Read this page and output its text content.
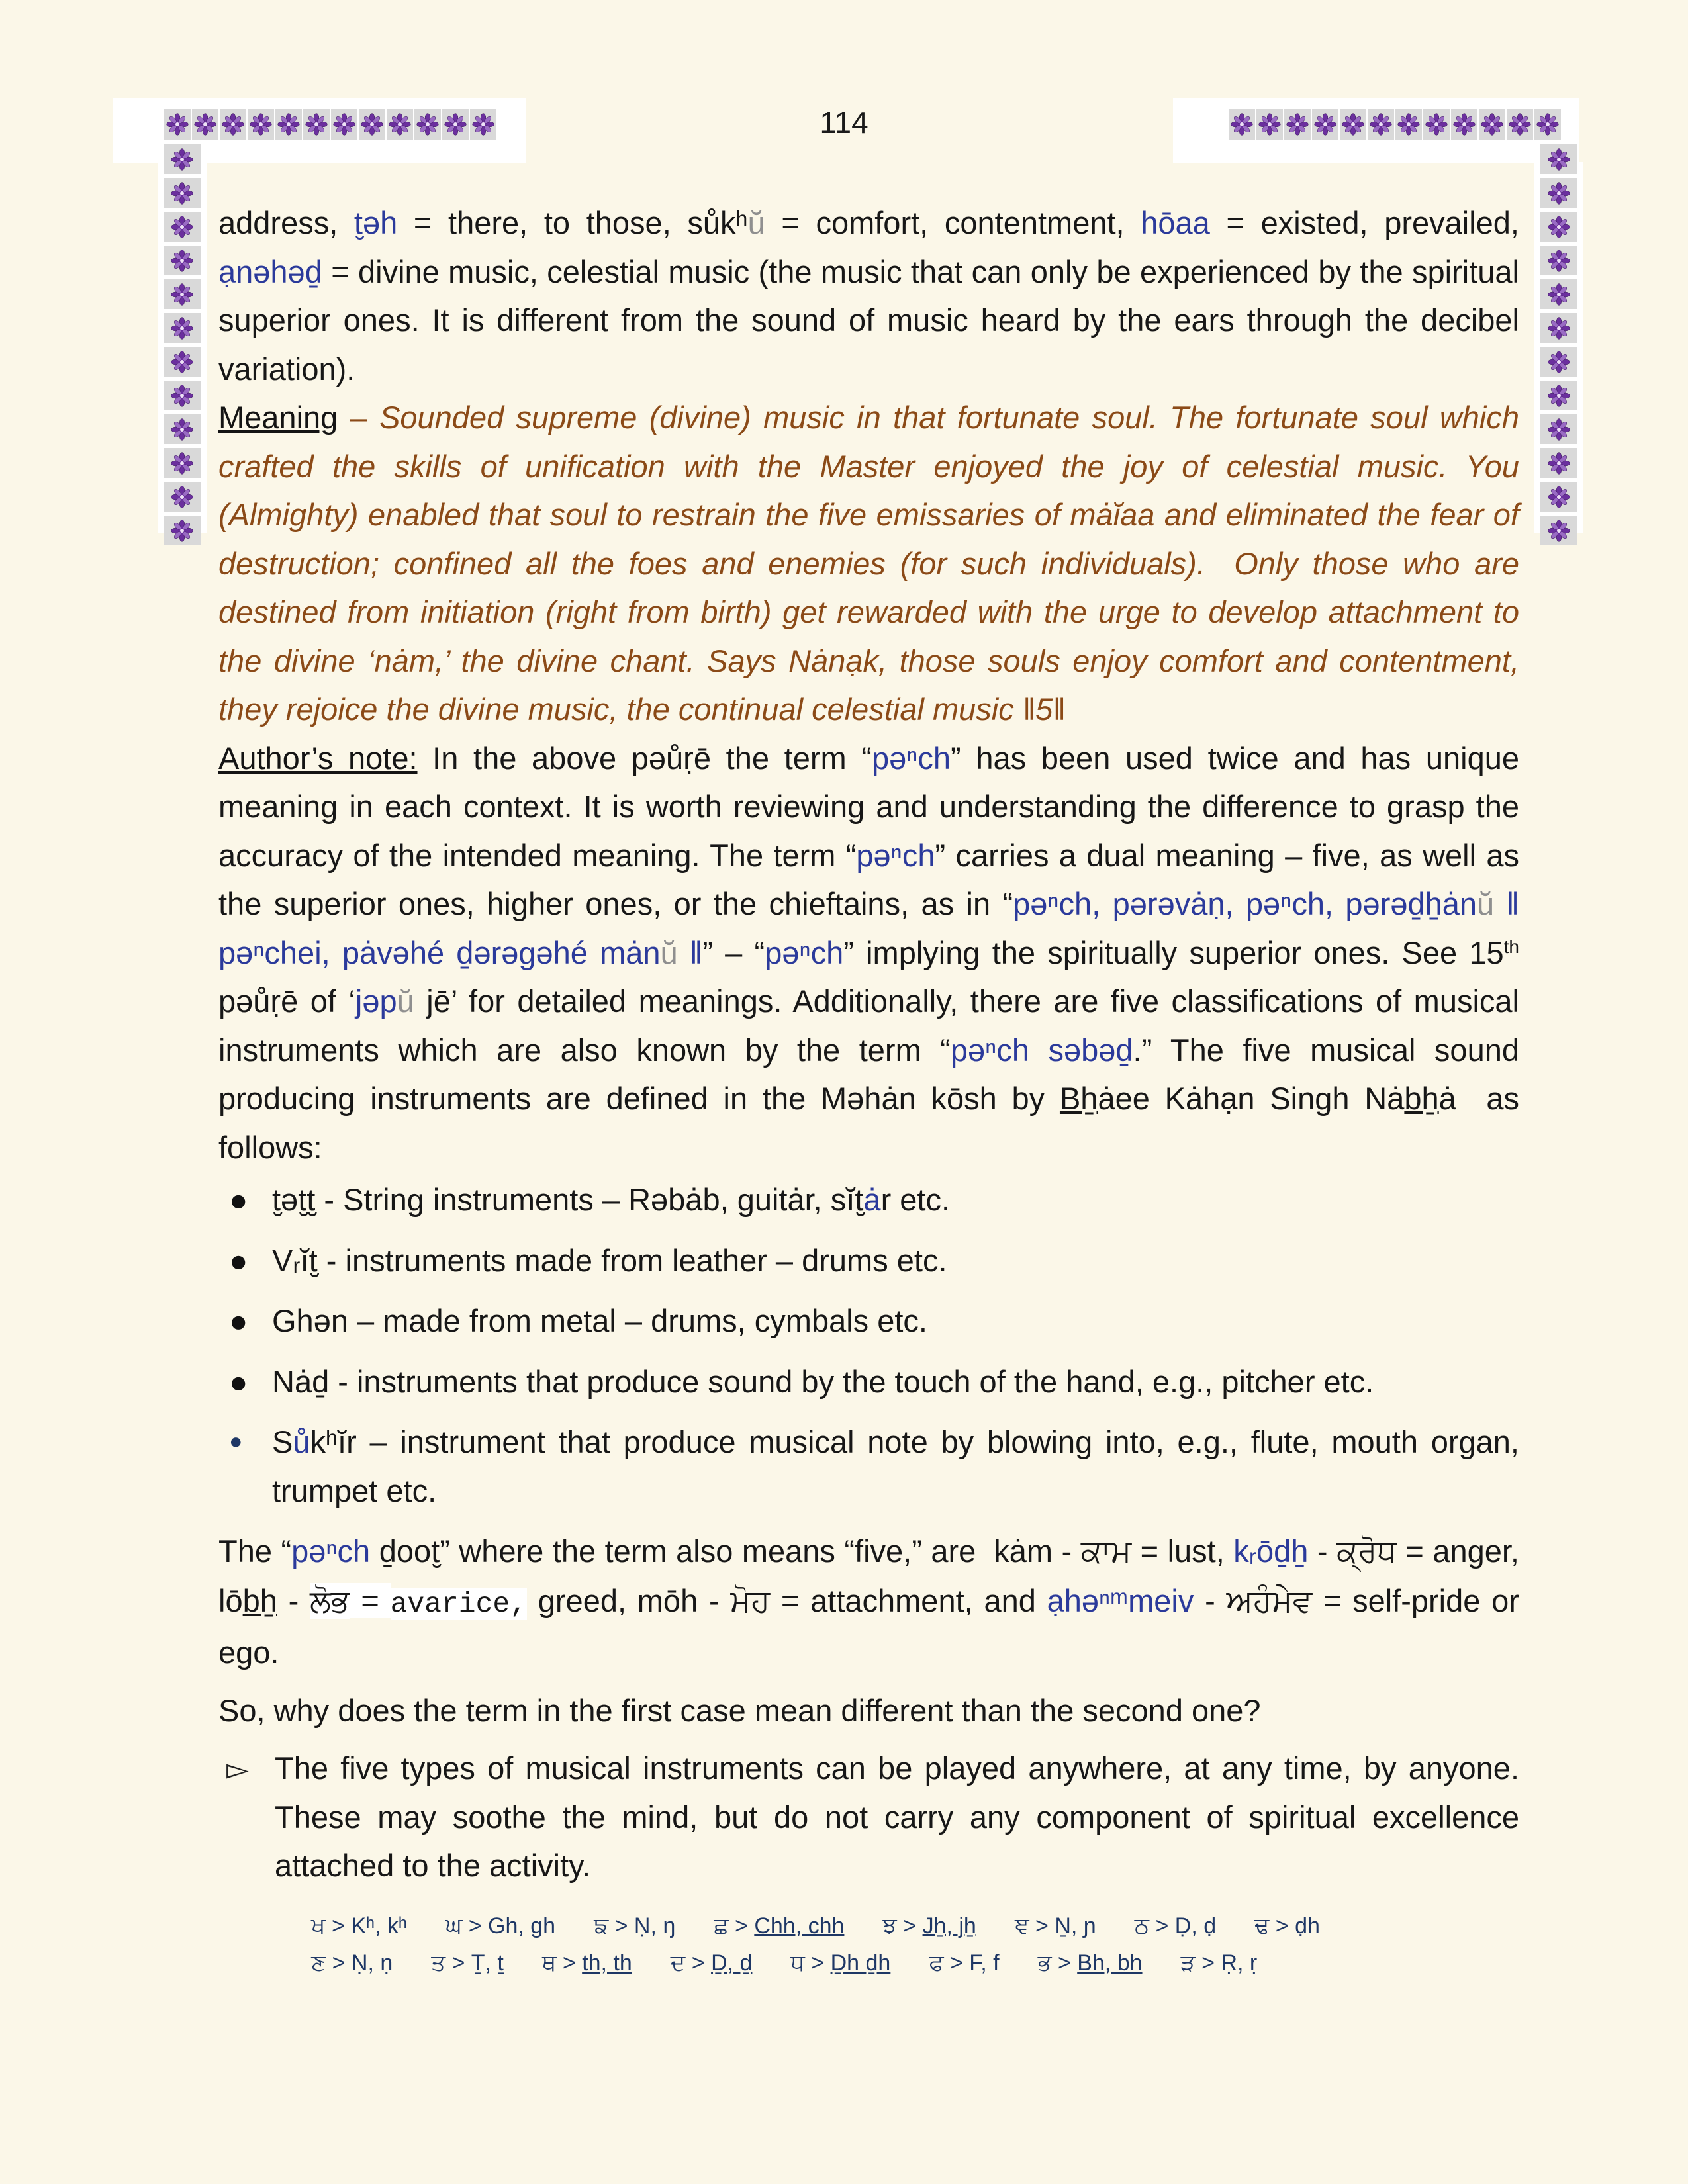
114

address, t̮əh = there, to those, sůkʰŭ = comfort, contentment, hōaa = existed, prevailed, ạnəhəḏ = divine music, celestial music (the music that can only be experienced by the spiritual superior ones. It is different from the sound of music heard by the ears through the decibel variation).

Meaning – Sounded supreme (divine) music in that fortunate soul. The fortunate soul which crafted the skills of unification with the Master enjoyed the joy of celestial music. You (Almighty) enabled that soul to restrain the five emissaries of mȧĭaa and eliminated the fear of destruction; confined all the foes and enemies (for such individuals).  Only those who are destined from initiation (right from birth) get rewarded with the urge to develop attachment to the divine ‘nȧm,’ the divine chant. Says Nȧnạk, those souls enjoy comfort and contentment, they rejoice the divine music, the continual celestial music ‖5‖

Author’s note: In the above pəůṛē the term “pəⁿch” has been used twice and has unique meaning in each context. It is worth reviewing and understanding the difference to grasp the accuracy of the intended meaning. The term “pəⁿch” carries a dual meaning – five, as well as the superior ones, higher ones, or the chieftains, as in “pəⁿch, pərəvȧṇ, pəⁿch, pərəḏẖȧnŭ ‖ pəⁿchei, pȧvəhé ḏərəgəhé mȧnŭ ‖” – “pəⁿch” implying the spiritually superior ones. See 15th pəůṛē of ‘jəpŭ jē’ for detailed meanings. Additionally, there are five classifications of musical instruments which are also known by the term “pəⁿch səbəḏ.” The five musical sound producing instruments are defined in the Məhȧn kōsh by Bẖȧee Kȧhạn Singh Nȧbẖȧ  as follows:

● t̮ət̮t̮ - String instruments – Rəbȧb, guitȧr, sĭt̮ȧr etc.
● Vᵣĭt̮ - instruments made from leather – drums etc.
● Ghən – made from metal – drums, cymbals etc.
● Nȧḏ - instruments that produce sound by the touch of the hand, e.g., pitcher etc.
● Sůkʰĭr – instrument that produce musical note by blowing into, e.g., flute, mouth organ, trumpet etc.

The “pəⁿch ḏoot̮” where the term also means “five,” are  kȧm - ਕਾਮ = lust, kᵣōḏẖ - ਕ੍ਰੋਧ = anger, lōbẖ - ਲੋਭ = avarice, greed, mōh - ਮੋਹ = attachment, and ạhəⁿᵐmeiv - ਅਹੰਮੇਵ = self-pride or ego.

So, why does the term in the first case mean different than the second one?

▻ The five types of musical instruments can be played anywhere, at any time, by anyone. These may soothe the mind, but do not carry any component of spiritual excellence attached to the activity.
ਖ > Kʰ, kʰ ਘ > Gh, gh ਙ > Ṇ, ŋ ਛ > Chh, chh ਝ > Jẖ, jẖ ਞ > Ṉ, ɲ ਠ > Ḍ, ḍ ਢ > ḍh
ਣ > Ṇ, ṇ ਤ > Ṯ, ṯ ਥ > th, th ਦ > Ḏ, ḏ ਧ > Ḏh ḏh ਫ > F, f ਭ > Bh, bh ੜ > Ṛ, ṛ
